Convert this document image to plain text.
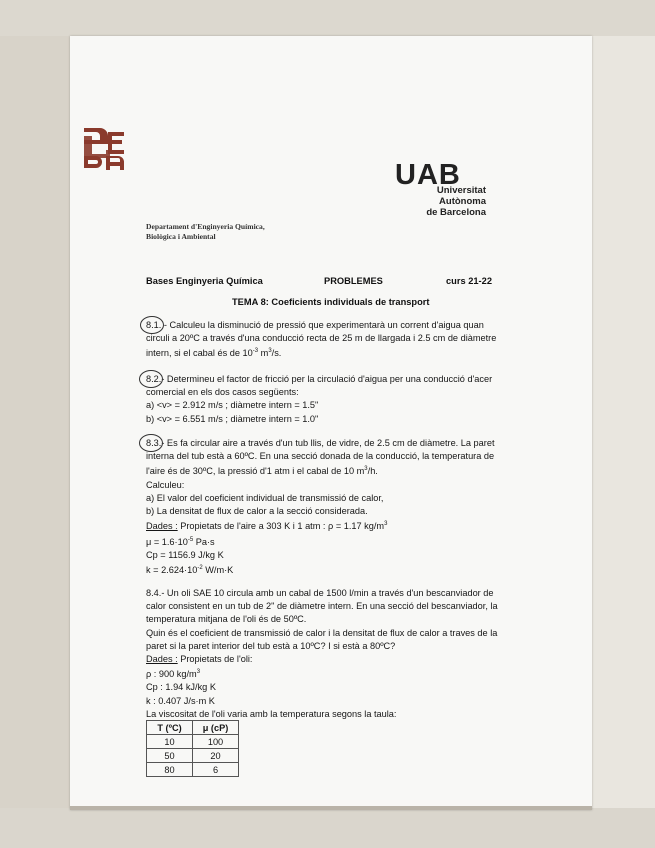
UAB
Universitat Autònoma
de Barcelona
Departament d'Enginyeria Química,
Biològica i Ambiental
Bases Enginyeria Química	PROBLEMES	curs 21-22
TEMA 8: Coeficients individuals de transport
8.1. - Calculeu la disminució de pressió que experimentarà un corrent d'aigua quan
circuli a 20ºC a través d'una conducció recta de 25 m de llargada i 2.5 cm de diàmetre
intern, si el cabal és de $10^{-3}$ $m^3/s$.
8.2.- Determineu el factor de fricció per la circulació d'aigua per una conducció d'acer
comercial en els dos casos següents:
a) <v> = 2.912 m/s ; diàmetre intern = 1.5"
b) <v> = 6.551 m/s ; diàmetre intern = 1.0"
8.3.- Es fa circular aire a través d'un tub llis, de vidre, de 2.5 cm de diàmetre. La paret
interna del tub està a 60ºC. En una secció donada de la conducció, la temperatura de
l'aire és de 30ºC, la pressió d'1 atm i el cabal de 10 $m^3/h$.
Calculeu:
a) El valor del coeficient individual de transmissió de calor,
b) La densitat de flux de calor a la secció considerada.
Dades : Propietats de l'aire a 303 K i 1 atm : ρ = 1.17 $kg/m^3$
$\mu = 1.6\cdot 10^{-5}$ Pa·s
Cp = 1156.9 J/kg K
$k = 2.624\cdot 10^{-2}$ W/m·K
8.4.- Un oli SAE 10 circula amb un cabal de 1500 l/min a través d'un bescanviador de
calor consistent en un tub de 2" de diàmetre intern. En una secció del bescanviador, la
temperatura mitjana de l'oli és de 50ºC.
Quin és el coeficient de transmissió de calor i la densitat de flux de calor a traves de la
paret si la paret interior del tub està a 10ºC? I si està a 80ºC?
Dades : Propietats de l'oli:
ρ : 900 $kg/m^3$
Cp : 1.94 kJ/kg K
k : 0.407 J/s·m K
La viscositat de l'oli varia amb la temperatura segons la taula:
T (ºC)	μ (cP)
10	100
50	20
80	6
